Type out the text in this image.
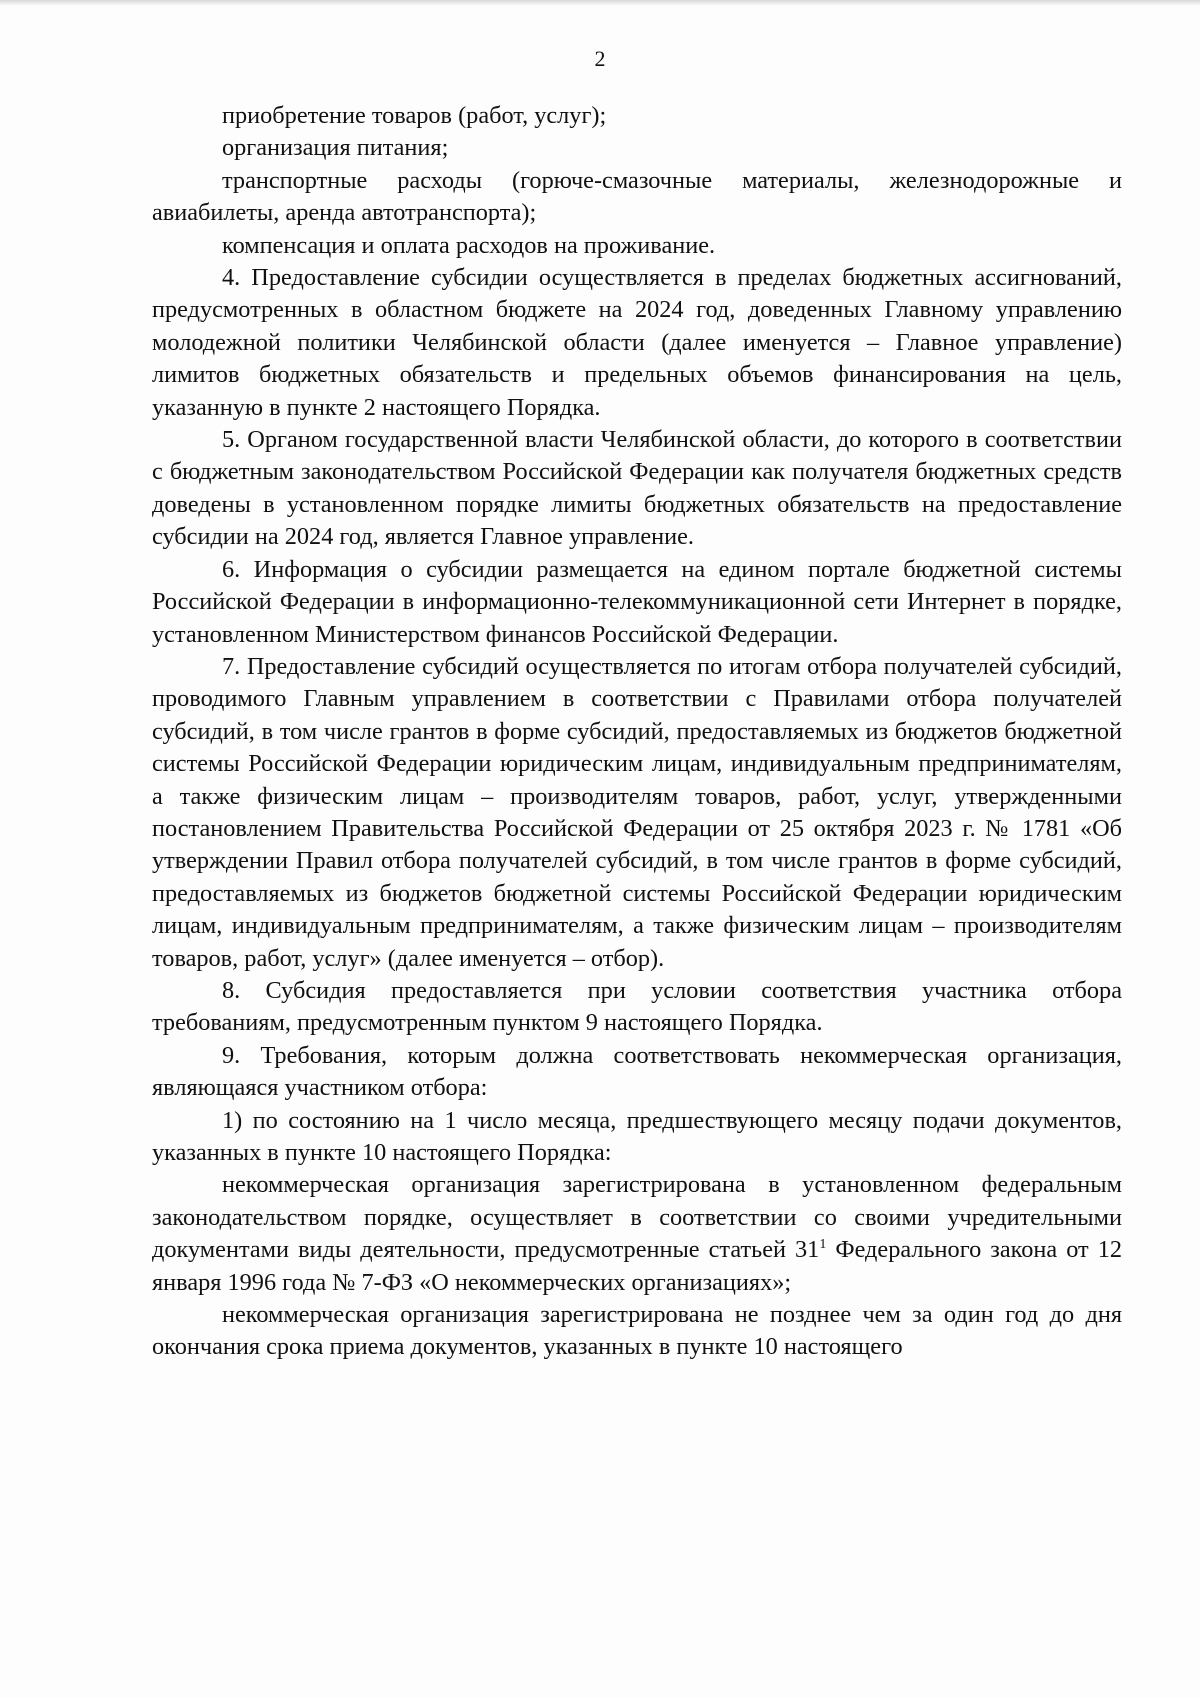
2

приобретение товаров (работ, услуг);

организация питания;

транспортные расходы (горюче-смазочные материалы, железнодорожные и авиабилеты, аренда автотранспорта);

компенсация и оплата расходов на проживание.

4. Предоставление субсидии осуществляется в пределах бюджетных ассигнований, предусмотренных в областном бюджете на 2024 год, доведенных Главному управлению молодежной политики Челябинской области (далее именуется – Главное управление) лимитов бюджетных обязательств и предельных объемов финансирования на цель, указанную в пункте 2 настоящего Порядка.

5. Органом государственной власти Челябинской области, до которого в соответствии с бюджетным законодательством Российской Федерации как получателя бюджетных средств доведены в установленном порядке лимиты бюджетных обязательств на предоставление субсидии на 2024 год, является Главное управление.

6. Информация о субсидии размещается на едином портале бюджетной системы Российской Федерации в информационно-телекоммуникационной сети Интернет в порядке, установленном Министерством финансов Российской Федерации.

7. Предоставление субсидий осуществляется по итогам отбора получателей субсидий, проводимого Главным управлением в соответствии с Правилами отбора получателей субсидий, в том числе грантов в форме субсидий, предоставляемых из бюджетов бюджетной системы Российской Федерации юридическим лицам, индивидуальным предпринимателям, а также физическим лицам – производителям товаров, работ, услуг, утвержденными постановлением Правительства Российской Федерации от 25 октября 2023 г. № 1781 «Об утверждении Правил отбора получателей субсидий, в том числе грантов в форме субсидий, предоставляемых из бюджетов бюджетной системы Российской Федерации юридическим лицам, индивидуальным предпринимателям, а также физическим лицам – производителям товаров, работ, услуг» (далее именуется – отбор).

8. Субсидия предоставляется при условии соответствия участника отбора требованиям, предусмотренным пунктом 9 настоящего Порядка.

9. Требования, которым должна соответствовать некоммерческая организация, являющаяся участником отбора:

1) по состоянию на 1 число месяца, предшествующего месяцу подачи документов, указанных в пункте 10 настоящего Порядка:

некоммерческая организация зарегистрирована в установленном федеральным законодательством порядке, осуществляет в соответствии со своими учредительными документами виды деятельности, предусмотренные статьей $31^1$ Федерального закона от 12 января 1996 года № 7-ФЗ «О некоммерческих организациях»;

некоммерческая организация зарегистрирована не позднее чем за один год до дня окончания срока приема документов, указанных в пункте 10 настоящего
